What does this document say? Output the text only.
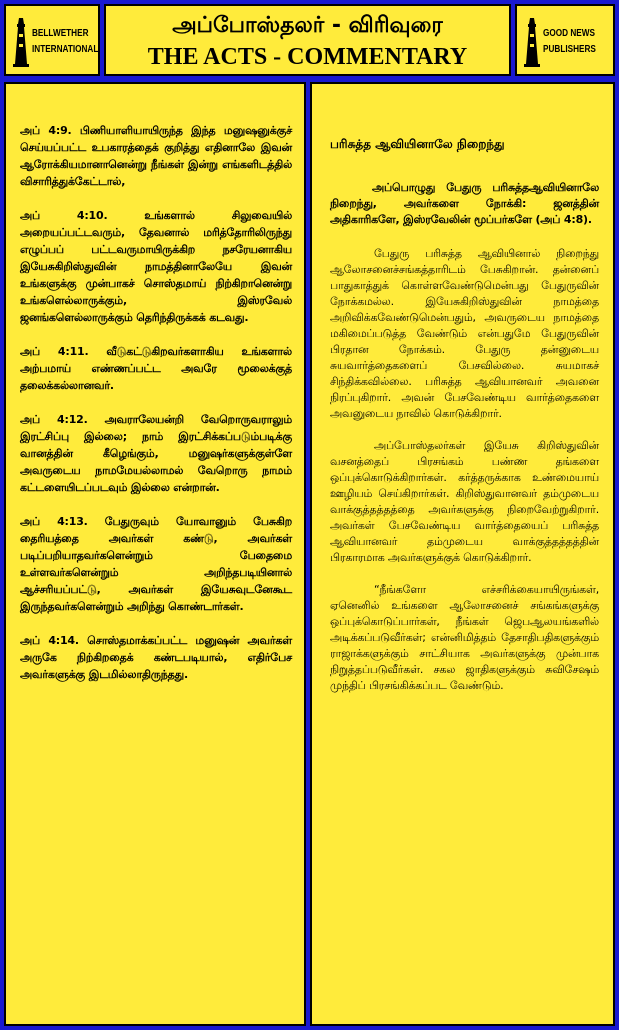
BELLWETHER
INTERNATIONAL
அப்போஸ்தலர் - விரிவுரை
THE ACTS - COMMENTARY
GOOD NEWS
PUBLISHERS

அப் 4:9. பிணியாளியாயிருந்த இந்த மனுஷனுக்குச் செய்யப்பட்ட உபகாரத்தைக் குறித்து எதினாலே இவன் ஆரோக்கியமானானென்று நீங்கள் இன்று எங்களிடத்தில் விசாரித்துக்கேட்டால்,

அப் 4:10. உங்களால் சிலுவையில் அறையப்பட்டவரும், தேவனால் மரித்தோரிலிருந்து எழுப்பப் பட்டவருமாயிருக்கிற நசரேயனாகிய இயேசுகிறிஸ்துவின் நாமத்தினாலேயே இவன் உங்களுக்கு முன்பாகச் சொஸ்தமாய் நிற்கிறானென்று உங்களெல்லாருக்கும், இஸ்ரவேல் ஜனங்களெல்லாருக்கும் தெரிந்திருக்கக் கடவது.

அப் 4:11. வீடுகட்டுகிறவர்களாகிய உங்களால் அற்பமாய் எண்ணப்பட்ட அவரே மூலைக்குத் தலைக்கல்லானவர்.

அப் 4:12. அவராலேயன்றி வேறொருவராலும் இரட்சிப்பு இல்லை; நாம் இரட்சிக்கப்படும்படிக்கு வானத்தின் கீழெங்கும், மனுஷர்களுக்குள்ளே அவருடைய நாமமேயல்லாமல் வேறொரு நாமம் கட்டளையிடப்படவும் இல்லை என்றான்.

அப் 4:13. பேதுருவும் யோவானும் பேசுகிற தைரியத்தை அவர்கள் கண்டு, அவர்கள் படிப்பறியாதவர்களென்றும் பேதைமை உள்ளவர்களென்றும் அறிந்தபடியினால் ஆச்சரியப்பட்டு, அவர்கள் இயேசுவுடனேகூட இருந்தவர்களென்றும் அறிந்து கொண்டார்கள்.

அப் 4:14. சொஸ்தமாக்கப்பட்ட மனுஷன் அவர்கள் அருகே நிற்கிறதைக் கண்டபடியால், எதிர்பேச அவர்களுக்கு இடமில்லாதிருந்தது.

பரிசுத்த ஆவியினாலே நிறைந்து

அப்பொழுது பேதுரு பரிசுத்தஆவியினாலே நிறைந்து, அவர்களை நோக்கி: ஜனத்தின் அதிகாரிகளே, இஸ்ரவேலின் மூப்பர்களே (அப் 4:8).

பேதுரு பரிசுத்த ஆவியினால் நிறைந்து ஆலோசனைச்சங்கத்தாரிடம் பேசுகிறான். தன்னைப் பாதுகாத்துக் கொள்ளவேண்டுமென்பது பேதுருவின் நோக்கமல்ல. இயேசுகிறிஸ்துவின் நாமத்தை அறிவிக்கவேண்டுமென்பதும், அவருடைய நாமத்தை மகிமைப்படுத்த வேண்டும் என்பதுமே பேதுருவின் பிரதான நோக்கம். பேதுரு தன்னுடைய சுயவார்த்தைகளைப் பேசவில்லை. சுயமாகச் சிந்திக்கவில்லை. பரிசுத்த ஆவியானவர் அவனை நிரப்புகிறார். அவன் பேசவேண்டிய வார்த்தைகளை அவனுடைய நாவில் கொடுக்கிறார்.

அப்போஸ்தலர்கள் இயேசு கிறிஸ்துவின் வசனத்தைப் பிரசங்கம் பண்ண தங்களை ஒப்புக்கொடுக்கிறார்கள். கர்த்தருக்காக உண்மையாய் ஊழியம் செய்கிறார்கள். கிறிஸ்துவானவர் தம்முடைய வாக்குத்தத்தத்தை அவர்களுக்கு நிறைவேற்றுகிறார். அவர்கள் பேசவேண்டிய வார்த்தையைப் பரிசுத்த ஆவியானவர் தம்முடைய வாக்குத்தத்தத்தின் பிரகாரமாக அவர்களுக்குக் கொடுக்கிறார்.

“நீங்களோ எச்சரிக்கையாயிருங்கள், ஏனெனில் உங்களை ஆலோசனைச் சங்கங்களுக்கு ஒப்புக்கொடுப்பார்கள், நீங்கள் ஜெபஆலயங்களில் அடிக்கப்படுவீர்கள்; என்னிமித்தம் தேசாதிபதிகளுக்கும் ராஜாக்களுக்கும் சாட்சியாக அவர்களுக்கு முன்பாக நிறுத்தப்படுவீர்கள். சகல ஜாதிகளுக்கும் சுவிசேஷம் முந்திப் பிரசங்கிக்கப்பட வேண்டும்.
